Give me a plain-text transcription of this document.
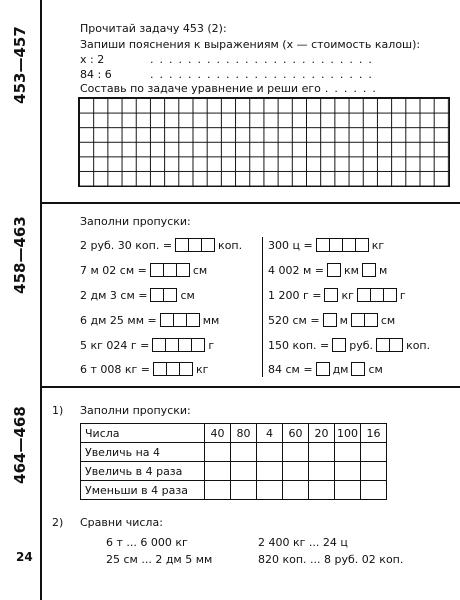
453—457
458—463
464—468
Прочитай задачу 453 (2):
Запиши пояснения к выражениям (х — стоимость калош):
х : 2	........................
84 : 6	........................
Составь по задаче уравнение и реши его ......
Заполни пропуски:
2 руб. 30 коп. =	коп.
7 м 02 см =	см
2 дм 3 см =	см
6 дм 25 мм =	мм
5 кг 024 г =	г
6 т 008 кг =	кг
300 ц =	кг
4 002 м = км м
1 200 г = кг	г
520 см = м	см
150 коп. = руб.	коп.
84 см = дм см
1) Заполни пропуски:
Числа	40	80	4	60	20	100	16
Увеличь на 4							
Увеличь в 4 раза							
Уменьши в 4 раза							
2) Сравни числа:
6 т ... 6 000 кг	2 400 кг ... 24 ц
25 см ... 2 дм 5 мм	820 коп. ... 8 руб. 02 коп.
24
